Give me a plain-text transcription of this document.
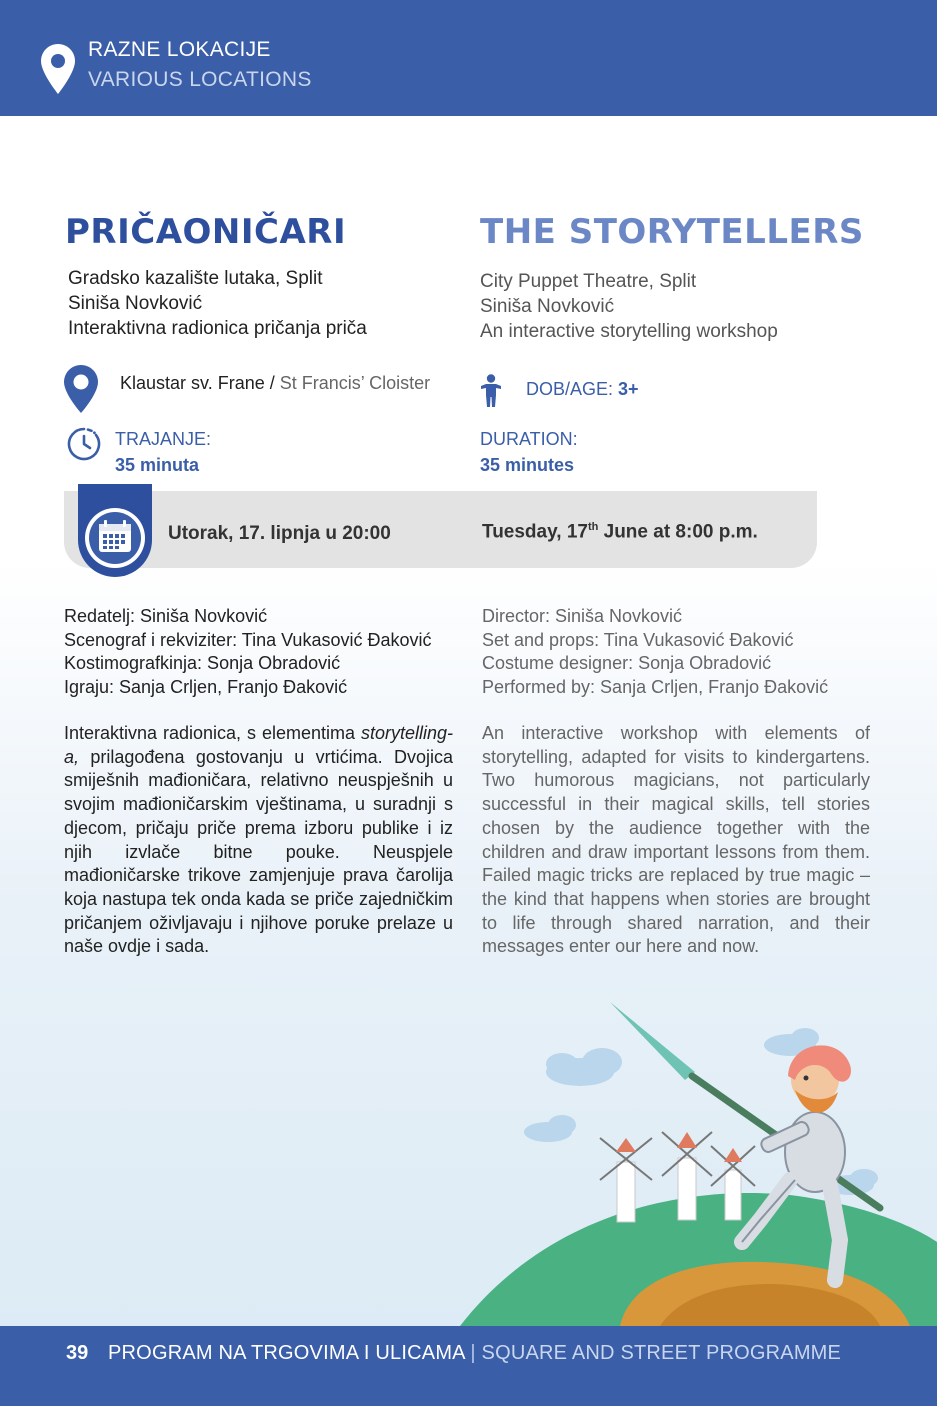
RAZNE LOKACIJE
VARIOUS LOCATIONS
PRIČAONIČARI	THE STORYTELLERS
Gradsko kazalište lutaka, Split
Siniša Novković
Interaktivna radionica pričanja priča
City Puppet Theatre, Split
Siniša Novković
An interactive storytelling workshop
Klaustar sv. Frane / St Francis’ Cloister	DOB/AGE: 3+
TRAJANJE:
35 minuta
DURATION:
35 minutes
Utorak, 17. lipnja u 20:00	Tuesday, 17th June at 8:00 p.m.
Redatelj: Siniša Novković
Scenograf i rekviziter: Tina Vukasović Đaković
Kostimografkinja: Sonja Obradović
Igraju: Sanja Crljen, Franjo Đaković
Director: Siniša Novković
Set and props: Tina Vukasović Đaković
Costume designer: Sonja Obradović
Performed by: Sanja Crljen, Franjo Đaković
Interaktivna radionica, s elementima storytelling-a, prilagođena gostovanju u vrtićima. Dvojica smiješnih mađioničara, relativno neuspješnih u svojim mađioničarskim vještinama, u suradnji s djecom, pričaju priče prema izboru publike i iz njih izvlače bitne pouke. Neuspjele mađioničarske trikove zamjenjuje prava čarolija koja nastupa tek onda kada se priče zajedničkim pričanjem oživljavaju i njihove poruke prelaze u naše ovdje i sada.
An interactive workshop with elements of storytelling, adapted for visits to kindergartens. Two humorous magicians, not particularly successful in their magical skills, tell stories chosen by the audience together with the children and draw important lessons from them. Failed magic tricks are replaced by true magic – the kind that happens when stories are brought to life through shared narration, and their messages enter our here and now.
39 PROGRAM NA TRGOVIMA I ULICAMA | SQUARE AND STREET PROGRAMME
